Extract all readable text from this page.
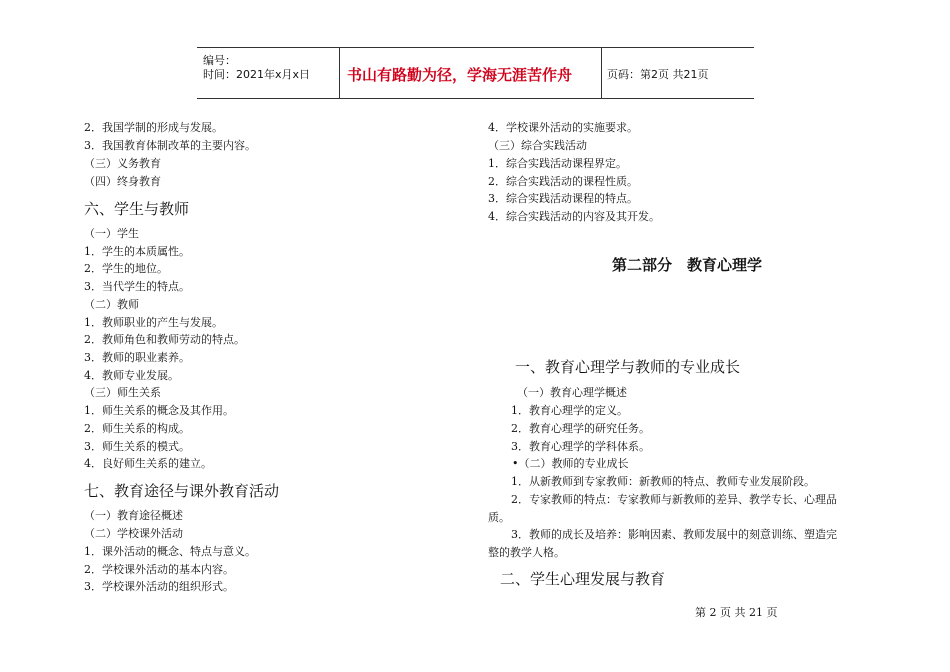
编号：
时间：2021年x月x日 书山有路勤为径，学海无涯苦作舟	页码：第2页 共21页
2．我国学制的形成与发展。
3．我国教育体制改革的主要内容。
（三）义务教育
（四）终身教育
六、学生与教师
（一）学生
1．学生的本质属性。
2．学生的地位。
3．当代学生的特点。
（二）教师
1．教师职业的产生与发展。
2．教师角色和教师劳动的特点。
3．教师的职业素养。
4．教师专业发展。
（三）师生关系
1．师生关系的概念及其作用。
2．师生关系的构成。
3．师生关系的模式。
4．良好师生关系的建立。
七、教育途径与课外教育活动
（一）教育途径概述
（二）学校课外活动
1．课外活动的概念、特点与意义。
2．学校课外活动的基本内容。
3．学校课外活动的组织形式。
4．学校课外活动的实施要求。
（三）综合实践活动
1．综合实践活动课程界定。
2．综合实践活动的课程性质。
3．综合实践活动课程的特点。
4．综合实践活动的内容及其开发。
第二部分　教育心理学
一、教育心理学与教师的专业成长
（一）教育心理学概述
1．教育心理学的定义。
2．教育心理学的研究任务。
3．教育心理学的学科体系。
•（二）教师的专业成长
1．从新教师到专家教师：新教师的特点、教师专业发展阶段。
2．专家教师的特点：专家教师与新教师的差异、教学专长、心理品
质。
3．教师的成长及培养：影响因素、教师发展中的刻意训练、塑造完
整的教学人格。
二、学生心理发展与教育
第 2 页 共 21 页
